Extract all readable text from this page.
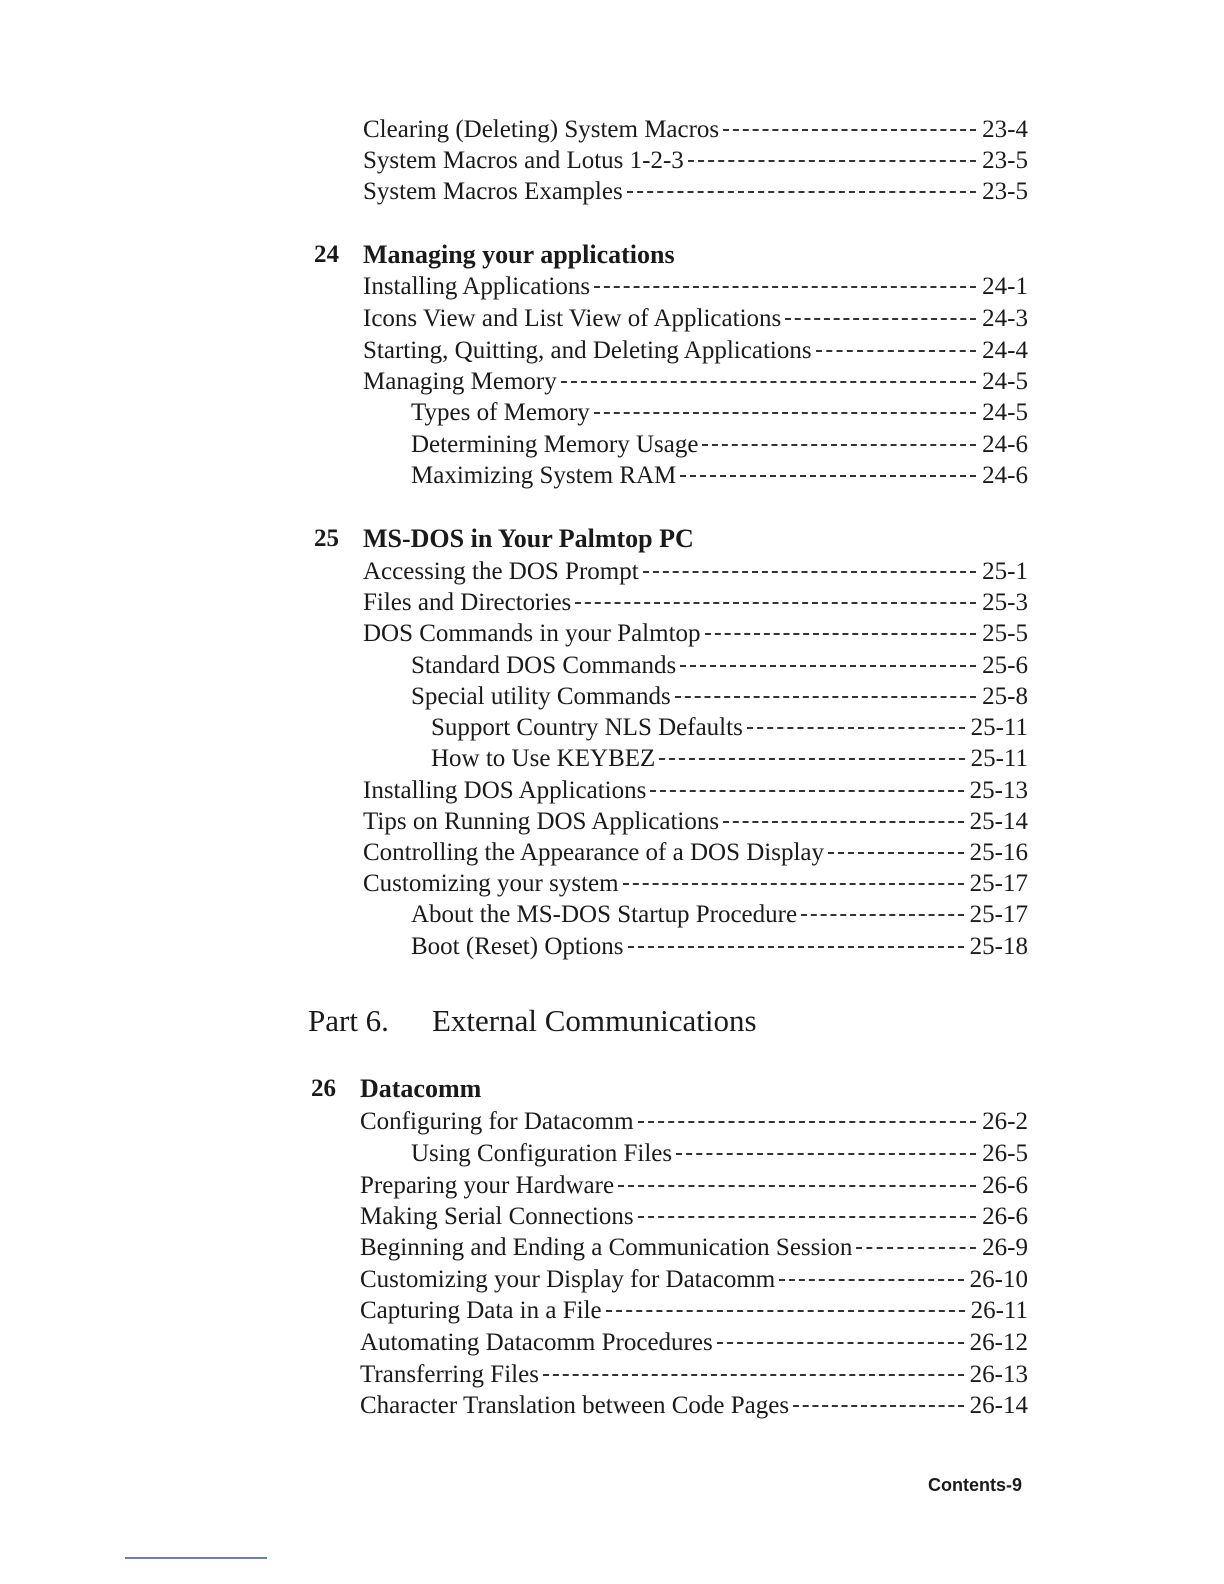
Clearing (Deleting) System Macros	23-4
System Macros and Lotus 1-2-3	23-5
System Macros Examples	23-5
24 Managing your applications
Installing Applications	24-1
Icons View and List View of Applications	24-3
Starting, Quitting, and Deleting Applications	24-4
Managing Memory	24-5
Types of Memory	24-5
Determining Memory Usage	24-6
Maximizing System RAM	24-6
25 MS-DOS in Your Palmtop PC
Accessing the DOS Prompt	25-1
Files and Directories	25-3
DOS Commands in your Palmtop	25-5
Standard DOS Commands	25-6
Special utility Commands	25-8
Support Country NLS Defaults	25-11
How to Use KEYBEZ	25-11
Installing DOS Applications	25-13
Tips on Running DOS Applications	25-14
Controlling the Appearance of a DOS Display	25-16
Customizing your system	25-17
About the MS-DOS Startup Procedure	25-17
Boot (Reset) Options	25-18
Part 6. External Communications
26 Datacomm
Configuring for Datacomm	26-2
Using Configuration Files	26-5
Preparing your Hardware	26-6
Making Serial Connections	26-6
Beginning and Ending a Communication Session	26-9
Customizing your Display for Datacomm	26-10
Capturing Data in a File	26-11
Automating Datacomm Procedures	26-12
Transferring Files	26-13
Character Translation between Code Pages	26-14
Contents-9
